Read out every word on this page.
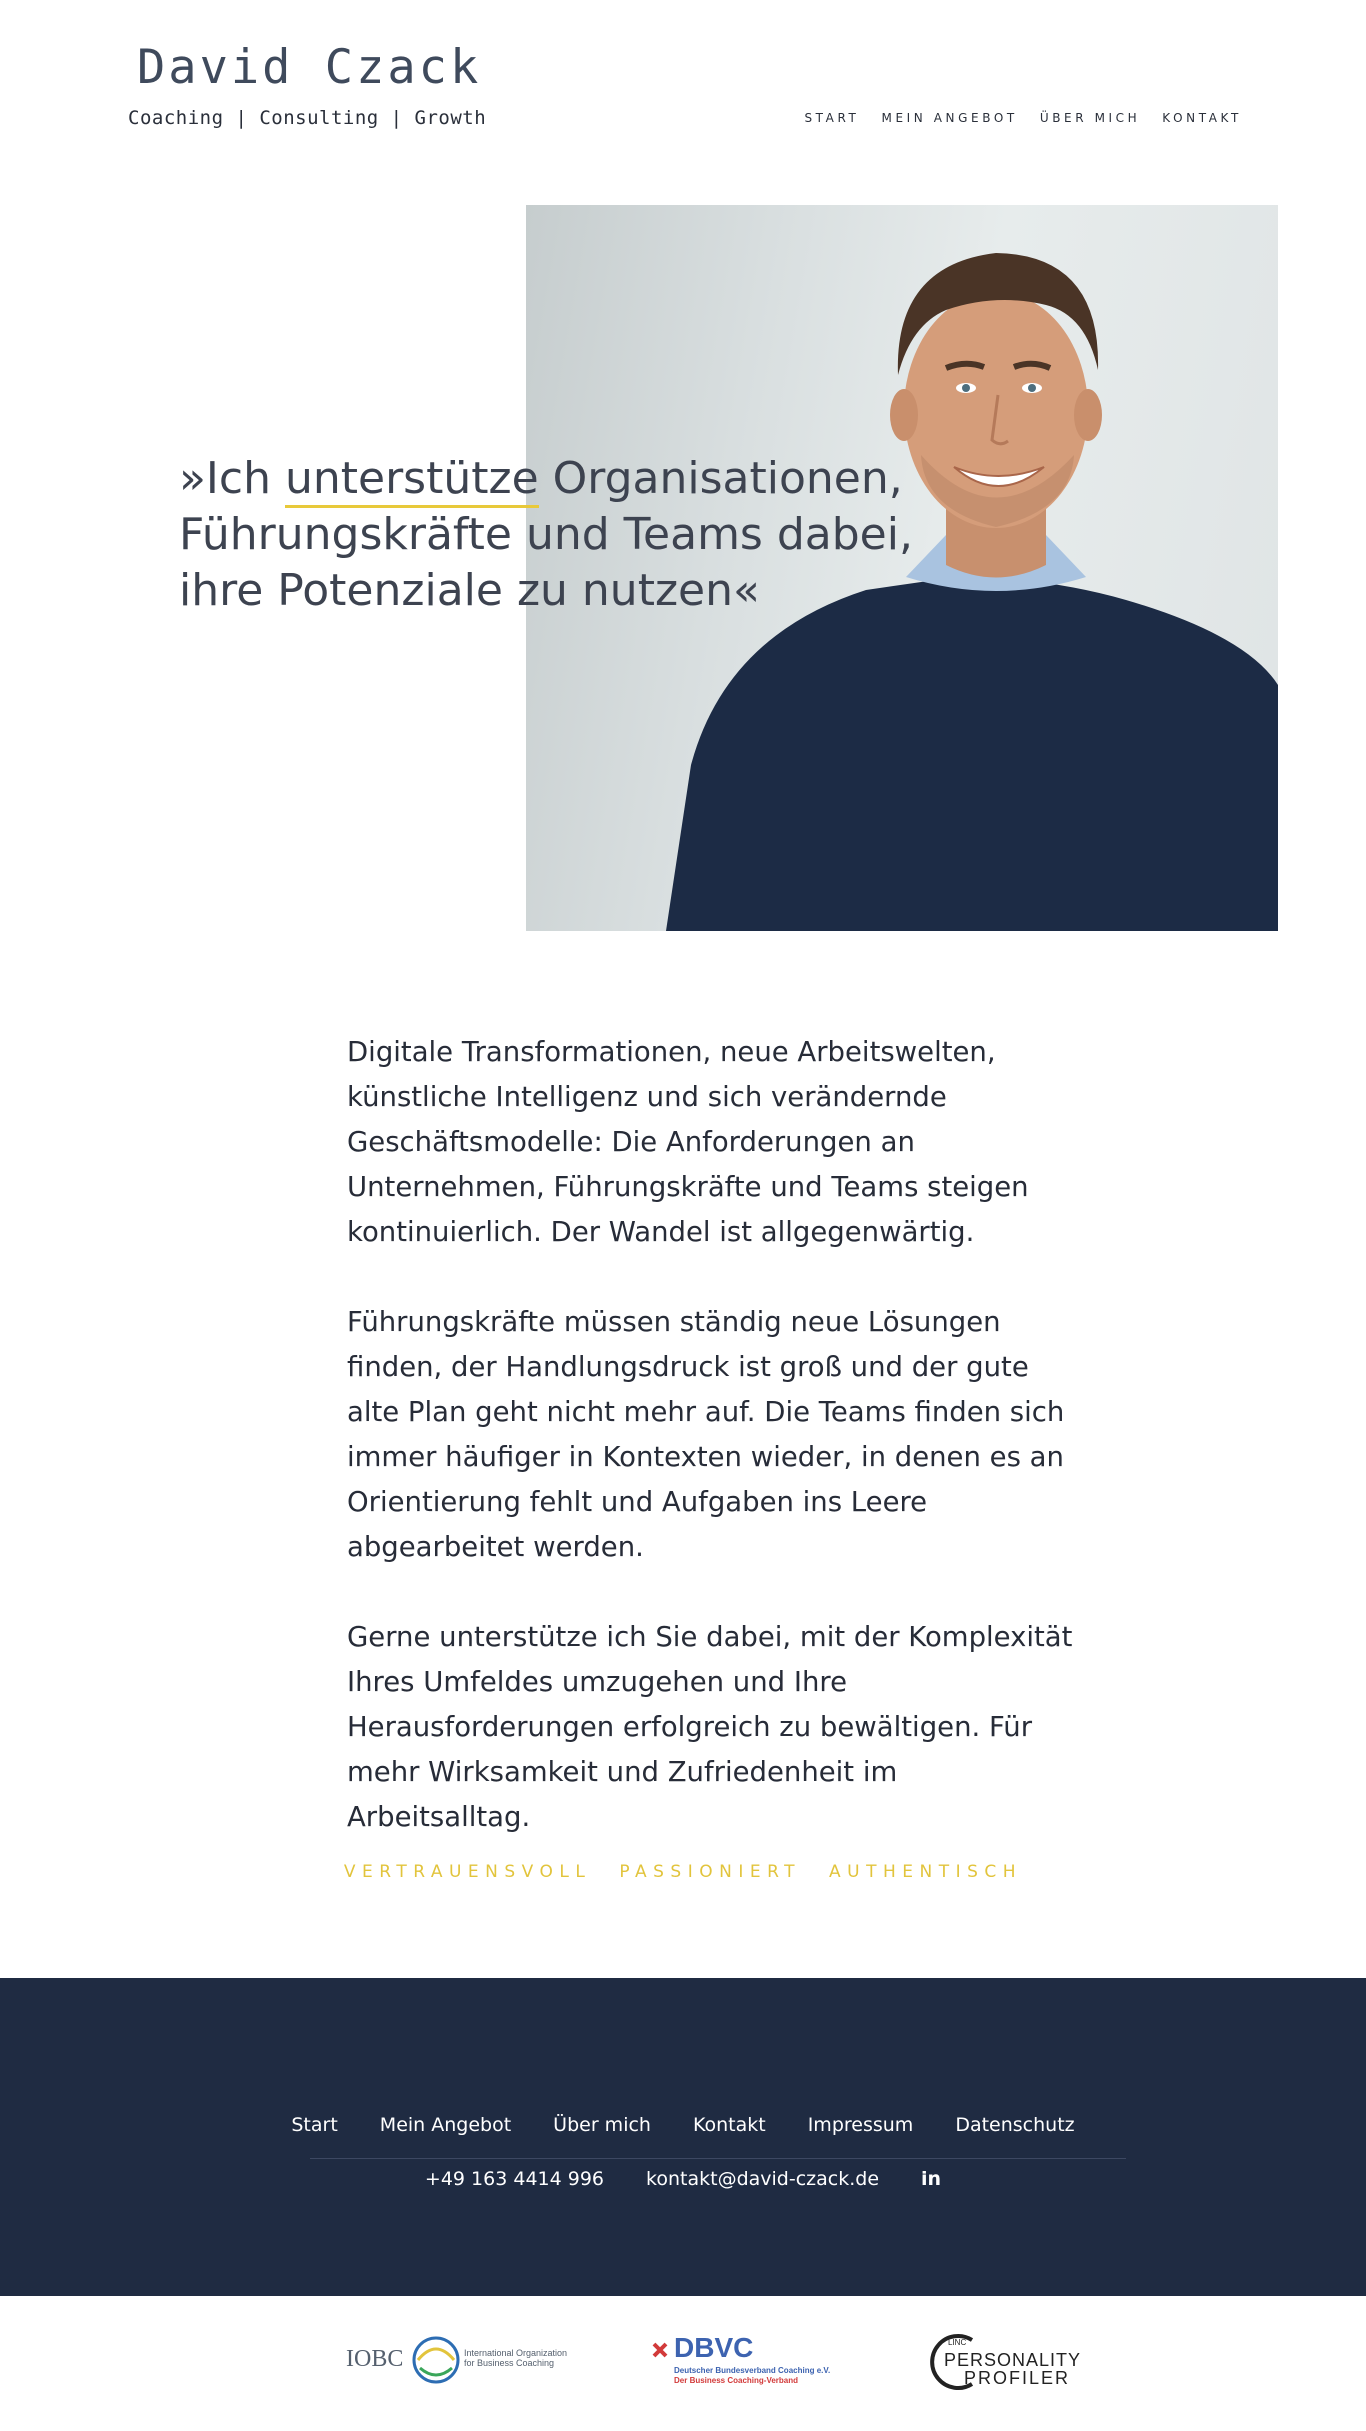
David Czack
Coaching | Consulting | Growth	START MEIN ANGEBOT ÜBER MICH KONTAKT
»Ich unterstütze Organisationen, Führungskräfte und Teams dabei, ihre Potenziale zu nutzen«

Digitale Transformationen, neue Arbeitswelten, künstliche Intelligenz und sich verändernde Geschäftsmodelle: Die Anforderungen an Unternehmen, Führungskräfte und Teams steigen kontinuierlich. Der Wandel ist allgegenwärtig.

Führungskräfte müssen ständig neue Lösungen finden, der Handlungsdruck ist groß und der gute alte Plan geht nicht mehr auf. Die Teams finden sich immer häufiger in Kontexten wieder, in denen es an Orientierung fehlt und Aufgaben ins Leere abgearbeitet werden.

Gerne unterstütze ich Sie dabei, mit der Komplexität Ihres Umfeldes umzugehen und Ihre Herausforderungen erfolgreich zu bewältigen. Für mehr Wirksamkeit und Zufriedenheit im Arbeitsalltag.

VERTRAUENSVOLL PASSIONIERT AUTHENTISCH
Start Mein Angebot Über mich Kontakt Impressum Datenschutz
+49 163 4414 996 kontakt@david-czack.de in
IOBC	International Organization
for Business Coaching	DBVC
Deutscher Bundesverband Coaching e.V.
Der Business Coaching-Verband
LINC
PERSONALITY
PROFILER
